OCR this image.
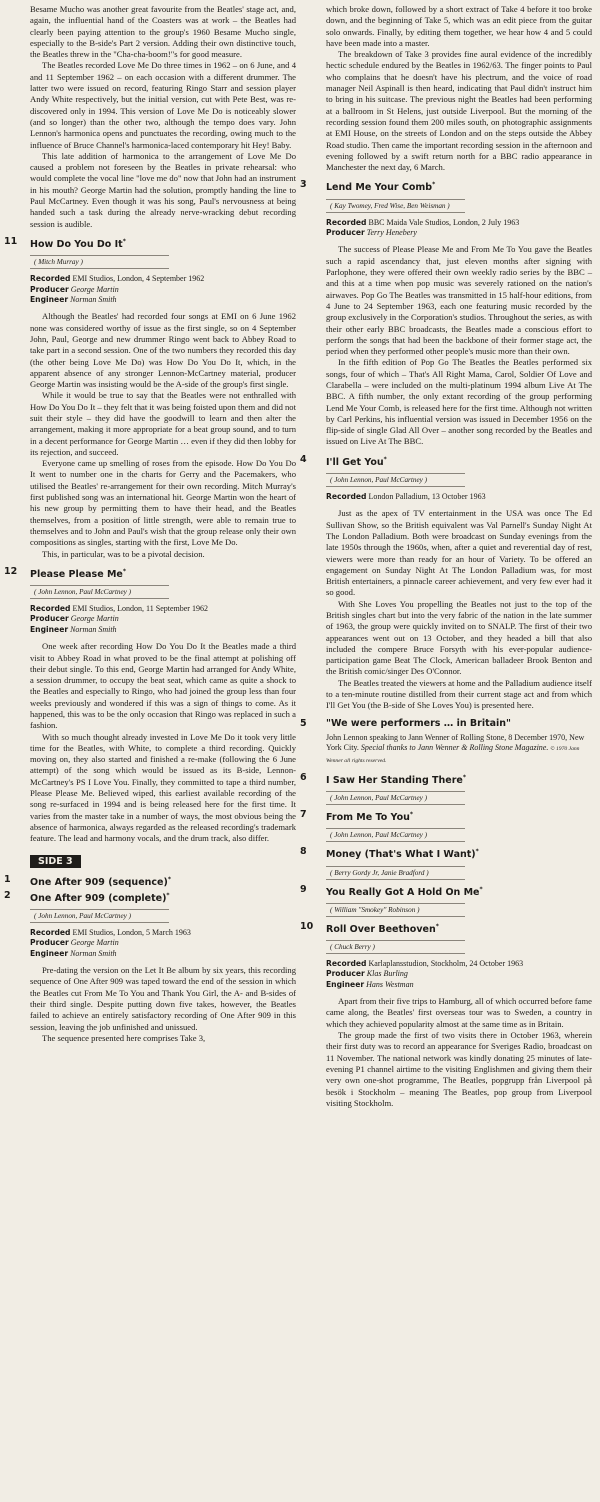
Besame Mucho was another great favourite from the Beatles' stage act, and, again, the influential hand of the Coasters was at work – the Beatles had clearly been paying attention to the group's 1960 Besame Mucho single, especially to the B-side's Part 2 version. Adding their own distinctive touch, the Beatles threw in the "Cha-cha-boom!"s for good measure.

The Beatles recorded Love Me Do three times in 1962 – on 6 June, and 4 and 11 September 1962 – on each occasion with a different drummer. The latter two were issued on record, featuring Ringo Starr and session player Andy White respectively, but the initial version, cut with Pete Best, was re-discovered only in 1994. This version of Love Me Do is noticeably slower (and so longer) than the other two, although the tempo does vary. John Lennon's harmonica opens and punctuates the recording, owing much to the influence of Bruce Channel's harmonica-laced contemporary hit Hey! Baby.

This late addition of harmonica to the arrangement of Love Me Do caused a problem not foreseen by the Beatles in private rehearsal: who would complete the vocal line "love me do" now that John had an instrument in his mouth? George Martin had the solution, promptly handing the line to Paul McCartney. Even though it was his song, Paul's nervousness at being handed such a task during the already nerve-wracking debut recording session is audible.

11	How Do You Do It*
( Mitch Murray )
Recorded EMI Studios, London, 4 September 1962
Producer George Martin
Engineer Norman Smith

Although the Beatles' had recorded four songs at EMI on 6 June 1962 none was considered worthy of issue as the first single, so on 4 September John, Paul, George and new drummer Ringo went back to Abbey Road to take part in a second session. One of the two numbers they recorded this day (the other being Love Me Do) was How Do You Do It, which, in the apparent absence of any stronger Lennon-McCartney material, producer George Martin was insisting would be the A-side of the group's first single.

While it would be true to say that the Beatles were not enthralled with How Do You Do It – they felt that it was being foisted upon them and did not suit their style – they did have the goodwill to learn and then alter the arrangement, making it more appropriate for a beat group sound, and to turn in a decent performance for George Martin … even if they did then lobby for its rejection, and succeed.

Everyone came up smelling of roses from the episode. How Do You Do It went to number one in the charts for Gerry and the Pacemakers, who utilised the Beatles' re-arrangement for their own recording. Mitch Murray's first published song was an international hit. George Martin won the heart of his new group by permitting them to have their head, and the Beatles themselves, from a position of little strength, were able to remain true to themselves and to John and Paul's wish that the group release only their own compositions as singles, starting with the first, Love Me Do.

This, in particular, was to be a pivotal decision.

12	Please Please Me*
( John Lennon, Paul McCartney )
Recorded EMI Studios, London, 11 September 1962
Producer George Martin
Engineer Norman Smith

One week after recording How Do You Do It the Beatles made a third visit to Abbey Road in what proved to be the final attempt at polishing off their debut single. To this end, George Martin had arranged for Andy White, a session drummer, to occupy the beat seat, which came as quite a shock to the Beatles and especially to Ringo, who had joined the group less than four weeks previously and wondered if this was a sign of things to come. As it happened, this was to be the only occasion that Ringo was replaced in such a fashion.

With so much thought already invested in Love Me Do it took very little time for the Beatles, with White, to complete a third recording. Quickly moving on, they also started and finished a re-make (following the 6 June attempt) of the song which would be issued as its B-side, Lennon-McCartney's PS I Love You. Finally, they committed to tape a third number, Please Please Me. Believed wiped, this earliest available recording of the song re-surfaced in 1994 and is being released here for the first time. It varies from the master take in a number of ways, the most obvious being the absence of harmonica, always regarded as the released recording's trademark feature. The lead and harmony vocals, and the drum track, also differ.

SIDE 3
1	One After 909 (sequence)*
2	One After 909 (complete)*
( John Lennon, Paul McCartney )
Recorded EMI Studios, London, 5 March 1963
Producer George Martin
Engineer Norman Smith

Pre-dating the version on the Let It Be album by six years, this recording sequence of One After 909 was taped toward the end of the session in which the Beatles cut From Me To You and Thank You Girl, the A- and B-sides of their third single. Despite putting down five takes, however, the Beatles failed to achieve an entirely satisfactory recording of One After 909 in this session, leaving the job unfinished and unissued.

The sequence presented here comprises Take 3,

which broke down, followed by a short extract of Take 4 before it too broke down, and the beginning of Take 5, which was an edit piece from the guitar solo onwards. Finally, by editing them together, we hear how 4 and 5 could have been made into a master.

The breakdown of Take 3 provides fine aural evidence of the incredibly hectic schedule endured by the Beatles in 1962/63. The finger points to Paul who complains that he doesn't have his plectrum, and the voice of road manager Neil Aspinall is then heard, indicating that Paul didn't instruct him to bring in his suitcase. The previous night the Beatles had been performing at a ballroom in St Helens, just outside Liverpool. But the morning of the recording session found them 200 miles south, on photographic assignments at EMI House, on the streets of London and on the steps outside the Abbey Road studio. Then came the important recording session in the afternoon and evening followed by a swift return north for a BBC radio appearance in Manchester the next day, 6 March.

3	Lend Me Your Comb*
( Kay Twomey, Fred Wise, Ben Weisman )
Recorded BBC Maida Vale Studios, London, 2 July 1963
Producer Terry Henebery

The success of Please Please Me and From Me To You gave the Beatles such a rapid ascendancy that, just eleven months after signing with Parlophone, they were offered their own weekly radio series by the BBC – and this at a time when pop music was severely rationed on the nation's airwaves. Pop Go The Beatles was transmitted in 15 half-hour editions, from 4 June to 24 September 1963, each one featuring music recorded by the group exclusively in the Corporation's studios. Throughout the series, as with their other early BBC broadcasts, the Beatles made a conscious effort to perform the songs that had been the backbone of their former stage act, the period when they performed other people's music more than their own.

In the fifth edition of Pop Go The Beatles the Beatles performed six songs, four of which – That's All Right Mama, Carol, Soldier Of Love and Clarabella – were included on the multi-platinum 1994 album Live At The BBC. A fifth number, the only extant recording of the group performing Lend Me Your Comb, is released here for the first time. Although not written by Carl Perkins, his influential version was issued in December 1956 on the flip-side of single Glad All Over – another song recorded by the Beatles and issued on Live At The BBC.

4	I'll Get You*
( John Lennon, Paul McCartney )
Recorded London Palladium, 13 October 1963

Just as the apex of TV entertainment in the USA was once The Ed Sullivan Show, so the British equivalent was Val Parnell's Sunday Night At The London Palladium. Both were broadcast on Sunday evenings from the late 1950s through the 1960s, when, after a quiet and reverential day of rest, viewers were more than ready for an hour of Variety. To be offered an engagement on Sunday Night At The London Palladium was, for most British entertainers, a pinnacle career achievement, and very few ever had it so good.

With She Loves You propelling the Beatles not just to the top of the British singles chart but into the very fabric of the nation in the late summer of 1963, the group were quickly invited on to SNALP. The first of their two appearances went out on 13 October, and they headed a bill that also included the compere Bruce Forsyth with his ever-popular audience-participation game Beat The Clock, American balladeer Brook Benton and the British comic/singer Des O'Connor.

The Beatles treated the viewers at home and the Palladium audience itself to a ten-minute routine distilled from their current stage act and from which I'll Get You (the B-side of She Loves You) is presented here.

5	"We were performers … in Britain"
John Lennon speaking to Jann Wenner of Rolling Stone, 8 December 1970, New York City. Special thanks to Jann Wenner & Rolling Stone Magazine. © 1970 Jann Wenner all rights reserved.
6	I Saw Her Standing There*
( John Lennon, Paul McCartney )
7	From Me To You*
( John Lennon, Paul McCartney )
8	Money (That's What I Want)*
( Berry Gordy Jr, Janie Bradford )
9	You Really Got A Hold On Me*
( William "Smokey" Robinson )
10	Roll Over Beethoven*
( Chuck Berry )
Recorded Karlaplansstudion, Stockholm, 24 October 1963
Producer Klas Burling
Engineer Hans Westman

Apart from their five trips to Hamburg, all of which occurred before fame came along, the Beatles' first overseas tour was to Sweden, a country in which they achieved popularity almost at the same time as in Britain.

The group made the first of two visits there in October 1963, wherein their first duty was to record an appearance for Sveriges Radio, broadcast on 11 November. The national network was kindly donating 25 minutes of late-evening P1 channel airtime to the visiting Englishmen and giving them their very own one-shot programme, The Beatles, popgrupp från Liverpool på besök i Stockholm – meaning The Beatles, pop group from Liverpool visiting Stockholm.
